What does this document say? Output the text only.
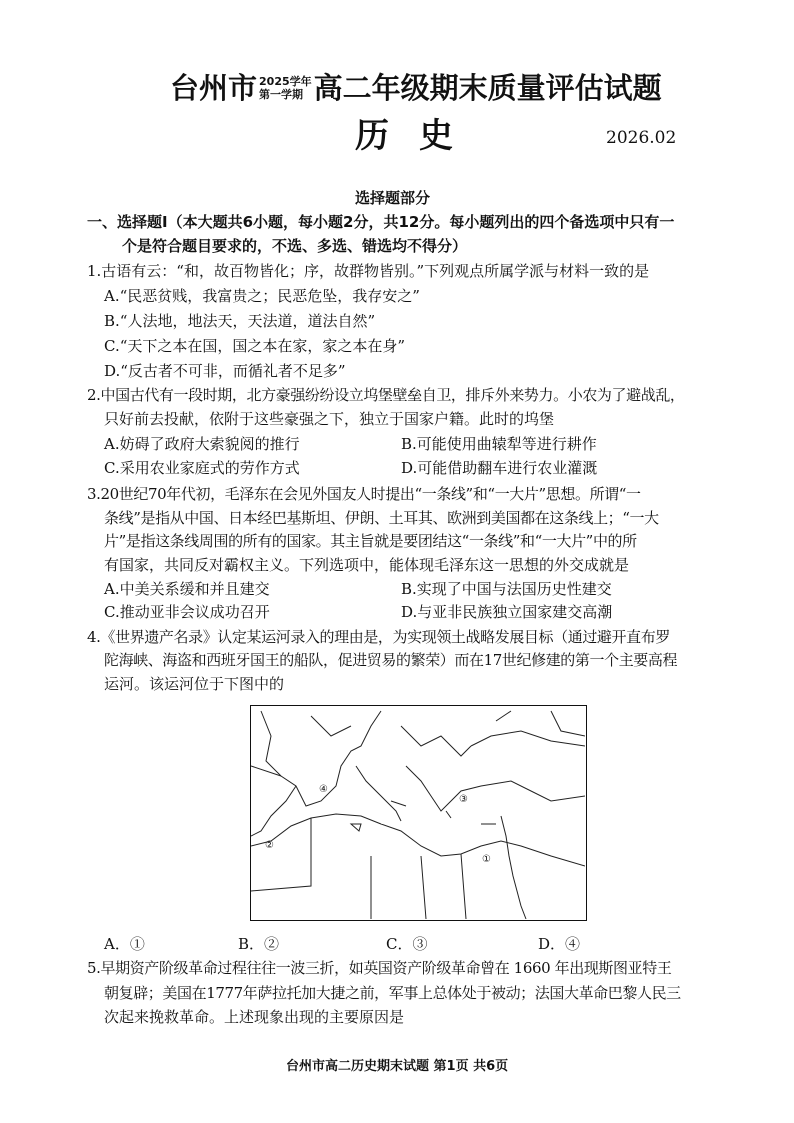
台州市 2025学年
第一学期 高二年级期末质量评估试题
历史	2026.02
选择题部分
一、选择题Ⅰ（本大题共6小题，每小题2分，共12分。每小题列出的四个备选项中只有一
个是符合题目要求的，不选、多选、错选均不得分）
1.古语有云：“和，故百物皆化；序，故群物皆别。”下列观点所属学派与材料一致的是
A.“民恶贫贱，我富贵之；民恶危坠，我存安之”
B.“人法地，地法天，天法道，道法自然”
C.“天下之本在国，国之本在家，家之本在身”
D.“反古者不可非，而循礼者不足多”
2.中国古代有一段时期，北方豪强纷纷设立坞堡壁垒自卫，排斥外来势力。小农为了避战乱，
只好前去投献，依附于这些豪强之下，独立于国家户籍。此时的坞堡
A.妨碍了政府大索貌阅的推行	B.可能使用曲辕犁等进行耕作
C.采用农业家庭式的劳作方式	D.可能借助翻车进行农业灌溉
3.20世纪70年代初，毛泽东在会见外国友人时提出“一条线”和“一大片”思想。所谓“一
条线”是指从中国、日本经巴基斯坦、伊朗、土耳其、欧洲到美国都在这条线上；“一大
片”是指这条线周围的所有的国家。其主旨就是要团结这“一条线”和“一大片”中的所
有国家，共同反对霸权主义。下列选项中，能体现毛泽东这一思想的外交成就是
A.中美关系缓和并且建交	B.实现了中国与法国历史性建交
C.推动亚非会议成功召开	D.与亚非民族独立国家建交高潮
4.《世界遗产名录》认定某运河录入的理由是，为实现领土战略发展目标（通过避开直布罗
陀海峡、海盗和西班牙国王的船队，促进贸易的繁荣）而在17世纪修建的第一个主要高程
运河。该运河位于下图中的
④
②
③
①
A．①	B．②	C．③	D．④
5.早期资产阶级革命过程往往一波三折，如英国资产阶级革命曾在 1660 年出现斯图亚特王
朝复辟；美国在1777年萨拉托加大捷之前，军事上总体处于被动；法国大革命巴黎人民三
次起来挽救革命。上述现象出现的主要原因是
台州市高二历史期末试题 第1页 共6页
